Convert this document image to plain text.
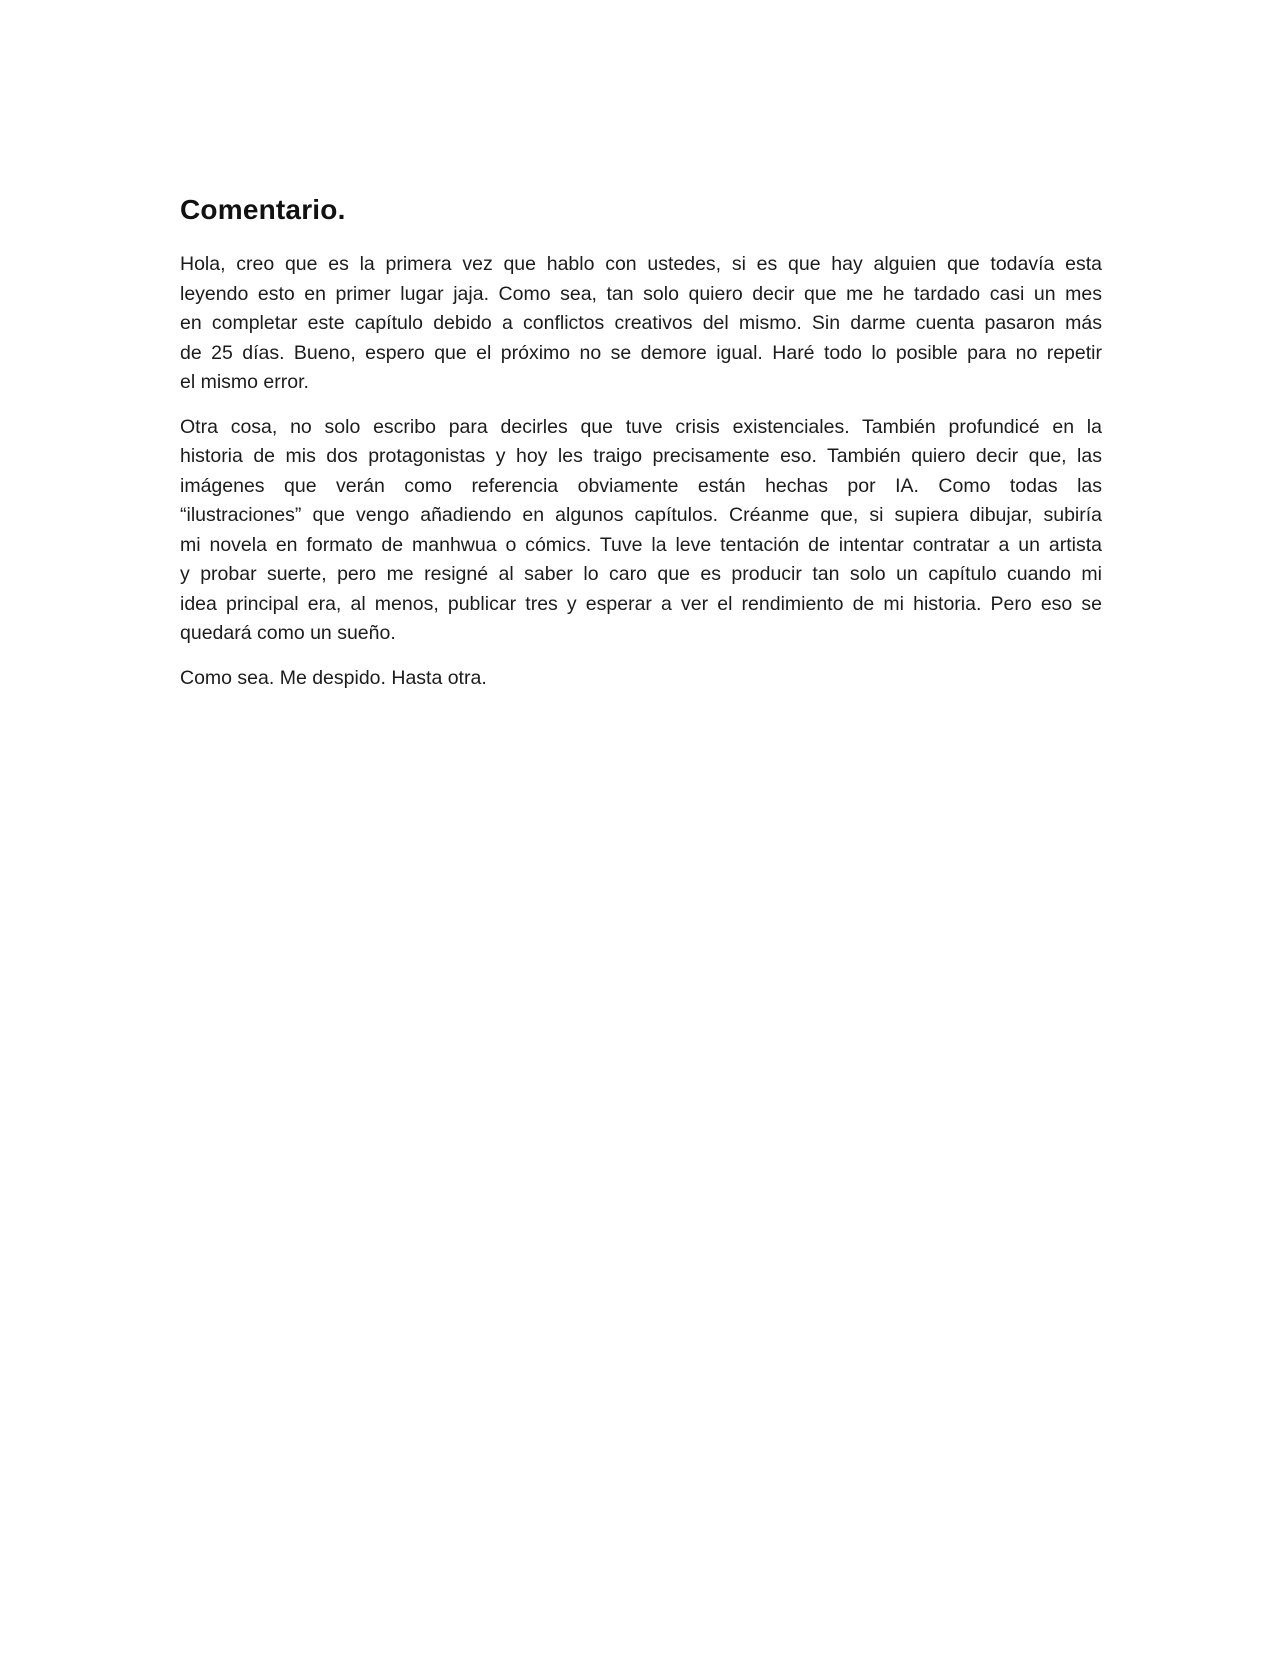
Comentario.
Hola, creo que es la primera vez que hablo con ustedes, si es que hay alguien que todavía esta
leyendo esto en primer lugar jaja. Como sea, tan solo quiero decir que me he tardado casi un mes
en completar este capítulo debido a conflictos creativos del mismo. Sin darme cuenta pasaron más
de 25 días. Bueno, espero que el próximo no se demore igual. Haré todo lo posible para no repetir
el mismo error.
Otra cosa, no solo escribo para decirles que tuve crisis existenciales. También profundicé en la
historia de mis dos protagonistas y hoy les traigo precisamente eso. También quiero decir que, las
imágenes que verán como referencia obviamente están hechas por IA. Como todas las
“ilustraciones” que vengo añadiendo en algunos capítulos. Créanme que, si supiera dibujar, subiría
mi novela en formato de manhwua o cómics. Tuve la leve tentación de intentar contratar a un artista
y probar suerte, pero me resigné al saber lo caro que es producir tan solo un capítulo cuando mi
idea principal era, al menos, publicar tres y esperar a ver el rendimiento de mi historia. Pero eso se
quedará como un sueño.
Como sea. Me despido. Hasta otra.
